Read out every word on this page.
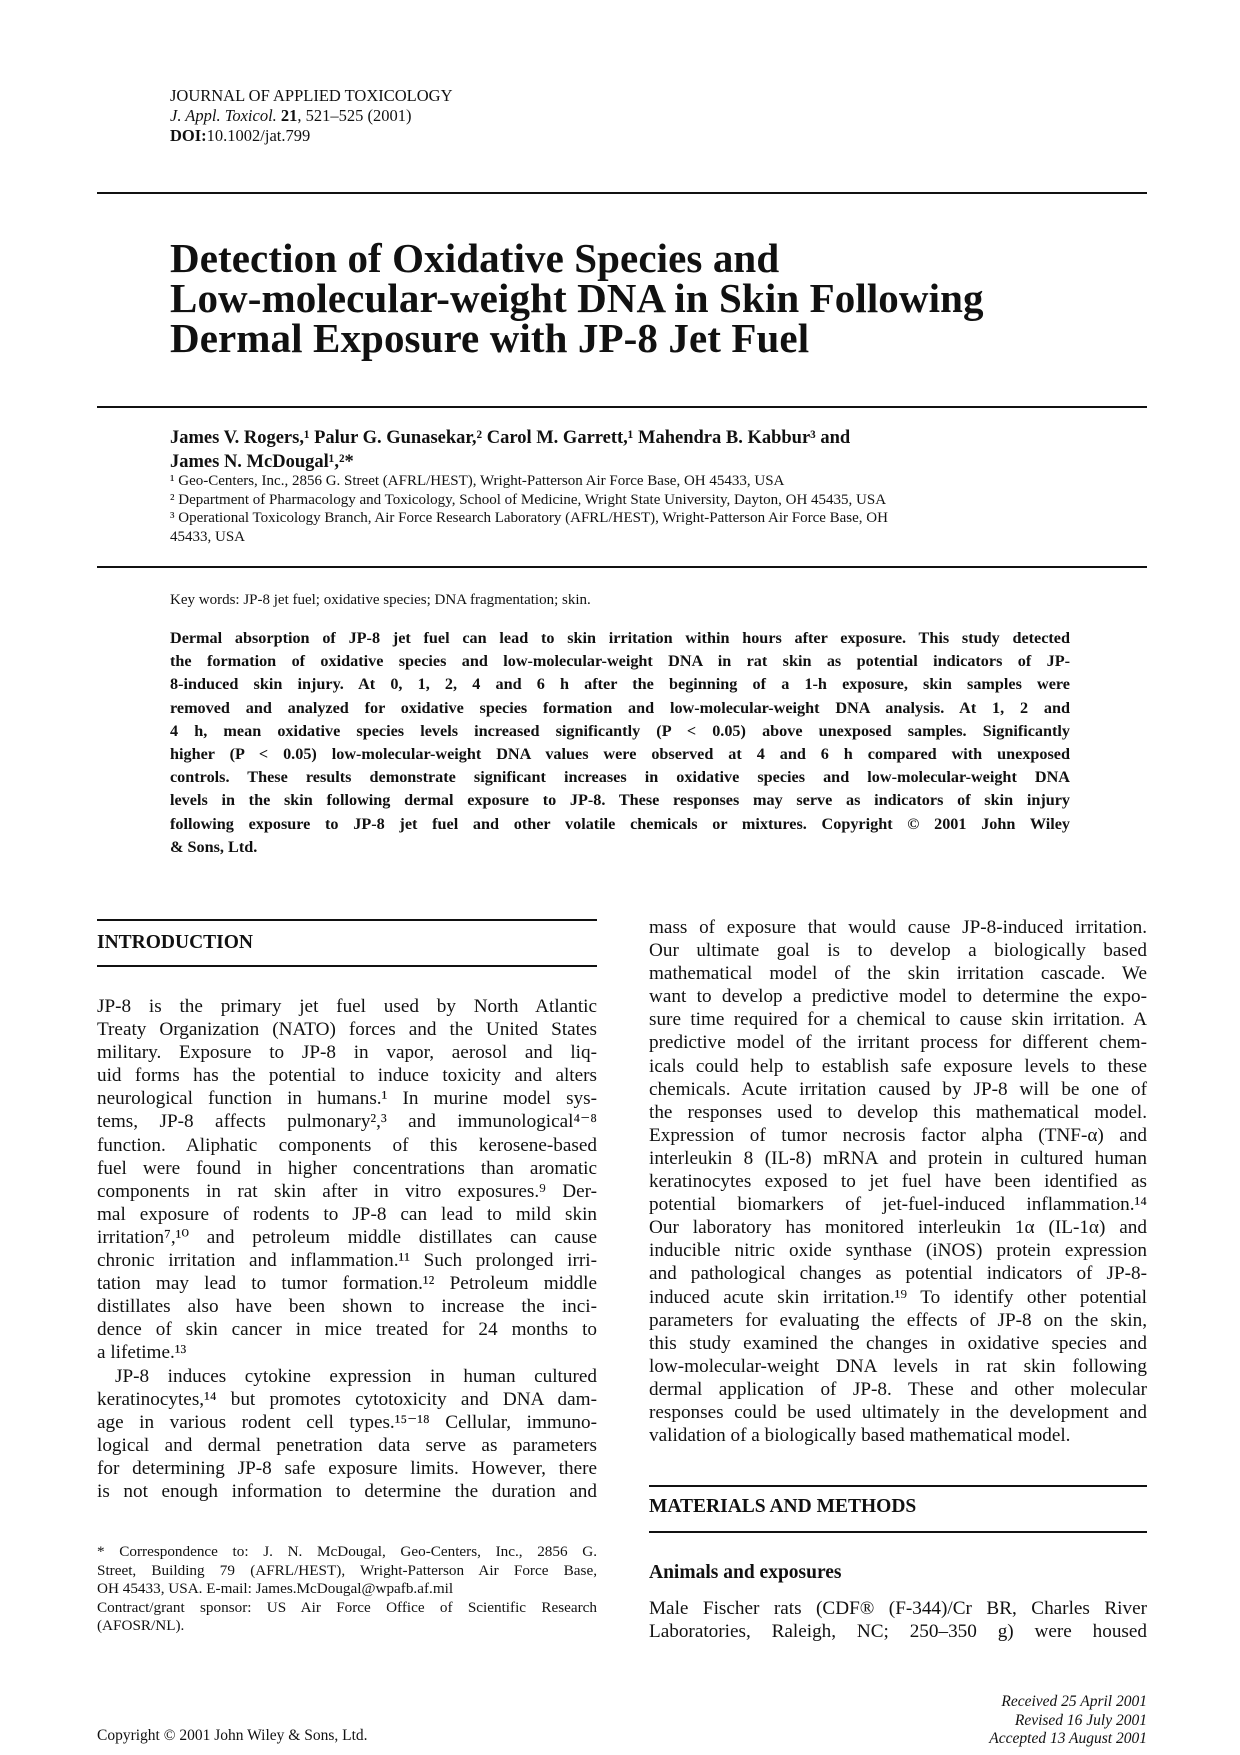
JOURNAL OF APPLIED TOXICOLOGY
J. Appl. Toxicol. 21, 521–525 (2001)
DOI:10.1002/jat.799
Detection of Oxidative Species and
Low-molecular-weight DNA in Skin Following
Dermal Exposure with JP-8 Jet Fuel
James V. Rogers,¹ Palur G. Gunasekar,² Carol M. Garrett,¹ Mahendra B. Kabbur³ and
James N. McDougal¹,²*
¹ Geo-Centers, Inc., 2856 G. Street (AFRL/HEST), Wright-Patterson Air Force Base, OH 45433, USA
² Department of Pharmacology and Toxicology, School of Medicine, Wright State University, Dayton, OH 45435, USA
³ Operational Toxicology Branch, Air Force Research Laboratory (AFRL/HEST), Wright-Patterson Air Force Base, OH
45433, USA
Key words: JP-8 jet fuel; oxidative species; DNA fragmentation; skin.
Dermal absorption of JP-8 jet fuel can lead to skin irritation within hours after exposure. This study detected
the formation of oxidative species and low-molecular-weight DNA in rat skin as potential indicators of JP-
8-induced skin injury. At 0, 1, 2, 4 and 6 h after the beginning of a 1-h exposure, skin samples were
removed and analyzed for oxidative species formation and low-molecular-weight DNA analysis. At 1, 2 and
4 h, mean oxidative species levels increased significantly (P < 0.05) above unexposed samples. Significantly
higher (P < 0.05) low-molecular-weight DNA values were observed at 4 and 6 h compared with unexposed
controls. These results demonstrate significant increases in oxidative species and low-molecular-weight DNA
levels in the skin following dermal exposure to JP-8. These responses may serve as indicators of skin injury
following exposure to JP-8 jet fuel and other volatile chemicals or mixtures. Copyright © 2001 John Wiley
& Sons, Ltd.
INTRODUCTION
JP-8 is the primary jet fuel used by North Atlantic
Treaty Organization (NATO) forces and the United States
military. Exposure to JP-8 in vapor, aerosol and liq-
uid forms has the potential to induce toxicity and alters
neurological function in humans.¹ In murine model sys-
tems, JP-8 affects pulmonary²,³ and immunological⁴⁻⁸
function. Aliphatic components of this kerosene-based
fuel were found in higher concentrations than aromatic
components in rat skin after in vitro exposures.⁹ Der-
mal exposure of rodents to JP-8 can lead to mild skin
irritation⁷,¹⁰ and petroleum middle distillates can cause
chronic irritation and inflammation.¹¹ Such prolonged irri-
tation may lead to tumor formation.¹² Petroleum middle
distillates also have been shown to increase the inci-
dence of skin cancer in mice treated for 24 months to
a lifetime.¹³
JP-8 induces cytokine expression in human cultured
keratinocytes,¹⁴ but promotes cytotoxicity and DNA dam-
age in various rodent cell types.¹⁵⁻¹⁸ Cellular, immuno-
logical and dermal penetration data serve as parameters
for determining JP-8 safe exposure limits. However, there
is not enough information to determine the duration and
* Correspondence to: J. N. McDougal, Geo-Centers, Inc., 2856 G.
Street, Building 79 (AFRL/HEST), Wright-Patterson Air Force Base,
OH 45433, USA. E-mail: James.McDougal@wpafb.af.mil
Contract/grant sponsor: US Air Force Office of Scientific Research
(AFOSR/NL).
mass of exposure that would cause JP-8-induced irritation.
Our ultimate goal is to develop a biologically based
mathematical model of the skin irritation cascade. We
want to develop a predictive model to determine the expo-
sure time required for a chemical to cause skin irritation. A
predictive model of the irritant process for different chem-
icals could help to establish safe exposure levels to these
chemicals. Acute irritation caused by JP-8 will be one of
the responses used to develop this mathematical model.
Expression of tumor necrosis factor alpha (TNF-α) and
interleukin 8 (IL-8) mRNA and protein in cultured human
keratinocytes exposed to jet fuel have been identified as
potential biomarkers of jet-fuel-induced inflammation.¹⁴
Our laboratory has monitored interleukin 1α (IL-1α) and
inducible nitric oxide synthase (iNOS) protein expression
and pathological changes as potential indicators of JP-8-
induced acute skin irritation.¹⁹ To identify other potential
parameters for evaluating the effects of JP-8 on the skin,
this study examined the changes in oxidative species and
low-molecular-weight DNA levels in rat skin following
dermal application of JP-8. These and other molecular
responses could be used ultimately in the development and
validation of a biologically based mathematical model.
MATERIALS AND METHODS
Animals and exposures
Male Fischer rats (CDF® (F-344)/Cr BR, Charles River
Laboratories, Raleigh, NC; 250–350 g) were housed
Received 25 April 2001
Revised 16 July 2001
Accepted 13 August 2001
Copyright © 2001 John Wiley & Sons, Ltd.
